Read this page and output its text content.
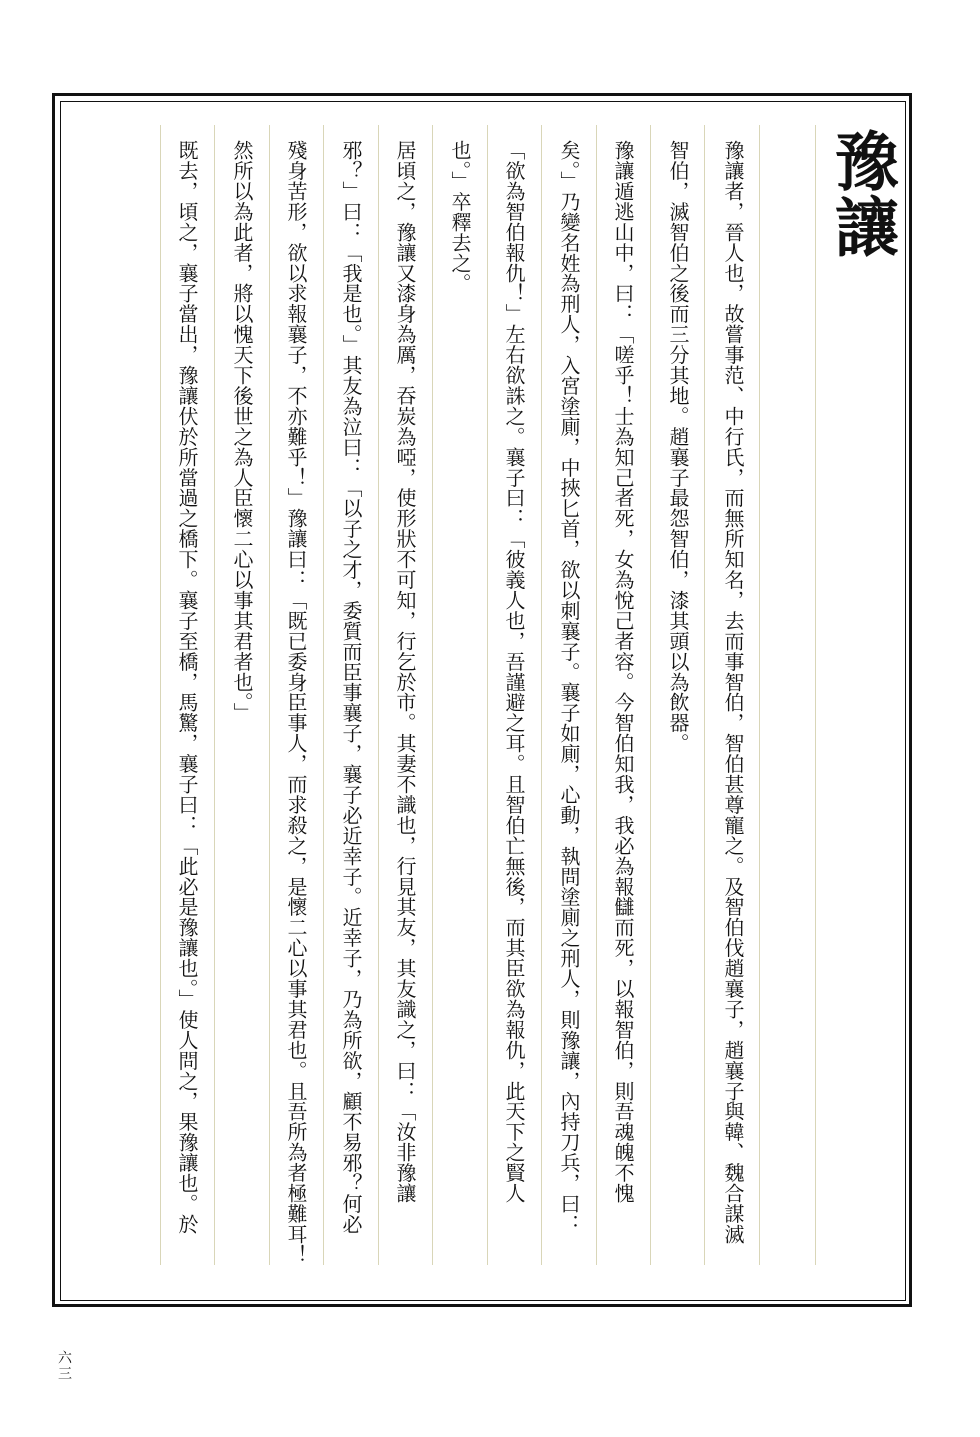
豫讓
豫讓者，晉人也，故嘗事范、中行氏，而無所知名，去而事智伯，智伯甚尊寵之。及智伯伐趙襄子，趙襄子與韓、魏合謀滅
智伯，滅智伯之後而三分其地。趙襄子最怨智伯，漆其頭以為飲器。
豫讓遁逃山中，曰：「嗟乎！士為知己者死，女為悅己者容。今智伯知我，我必為報讎而死，以報智伯，則吾魂魄不愧
矣。」乃變名姓為刑人，入宮塗廁，中挾匕首，欲以刺襄子。襄子如廁，心動，執問塗廁之刑人，則豫讓，內持刀兵，曰：
「欲為智伯報仇！」左右欲誅之。襄子曰：「彼義人也，吾謹避之耳。且智伯亡無後，而其臣欲為報仇，此天下之賢人
也。」卒釋去之。
居頃之，豫讓又漆身為厲，吞炭為啞，使形狀不可知，行乞於市。其妻不識也，行見其友，其友識之，曰：「汝非豫讓
邪？」曰：「我是也。」其友為泣曰：「以子之才，委質而臣事襄子，襄子必近幸子。近幸子，乃為所欲，顧不易邪？何必
殘身苦形，欲以求報襄子，不亦難乎！」豫讓曰：「既已委身臣事人，而求殺之，是懷二心以事其君也。且吾所為者極難耳！
然所以為此者，將以愧天下後世之為人臣懷二心以事其君者也。」
既去，頃之，襄子當出，豫讓伏於所當過之橋下。襄子至橋，馬驚，襄子曰：「此必是豫讓也。」使人問之，果豫讓也。於
六三
